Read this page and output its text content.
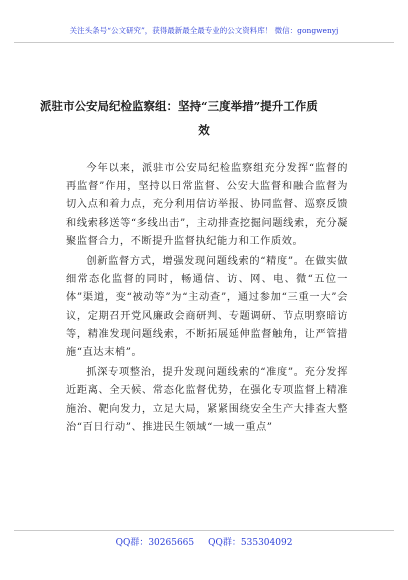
关注头条号“公文研究”，获得最新最全最专业的公文资料库！ 微信：gongwenyj
派驻市公安局纪检监察组：坚持“三度举措”提升工作质
效

今年以来，派驻市公安局纪检监察组充分发挥“监督的再监督”作用，坚持以日常监督、公安大监督和融合监督为切入点和着力点，充分利用信访举报、协同监督、巡察反馈和线索移送等“多线出击”，主动排查挖掘问题线索，充分凝聚监督合力，不断提升监督执纪能力和工作质效。

创新监督方式，增强发现问题线索的“精度”。在做实做细常态化监督的同时，畅通信、访、网、电、微“五位一体”渠道，变“被动等”为“主动查”，通过参加“三重一大”会议，定期召开党风廉政会商研判、专题调研、节点明察暗访等，精准发现问题线索，不断拓展延伸监督触角，让严管措施“直达末梢”。

抓深专项整治，提升发现问题线索的“准度”。充分发挥近距离、全天候、常态化监督优势，在强化专项监督上精准施治、靶向发力，立足大局，紧紧围绕安全生产大排查大整治“百日行动”、推进民生领域“一域一重点”

QQ群：30265665 QQ群：535304092
